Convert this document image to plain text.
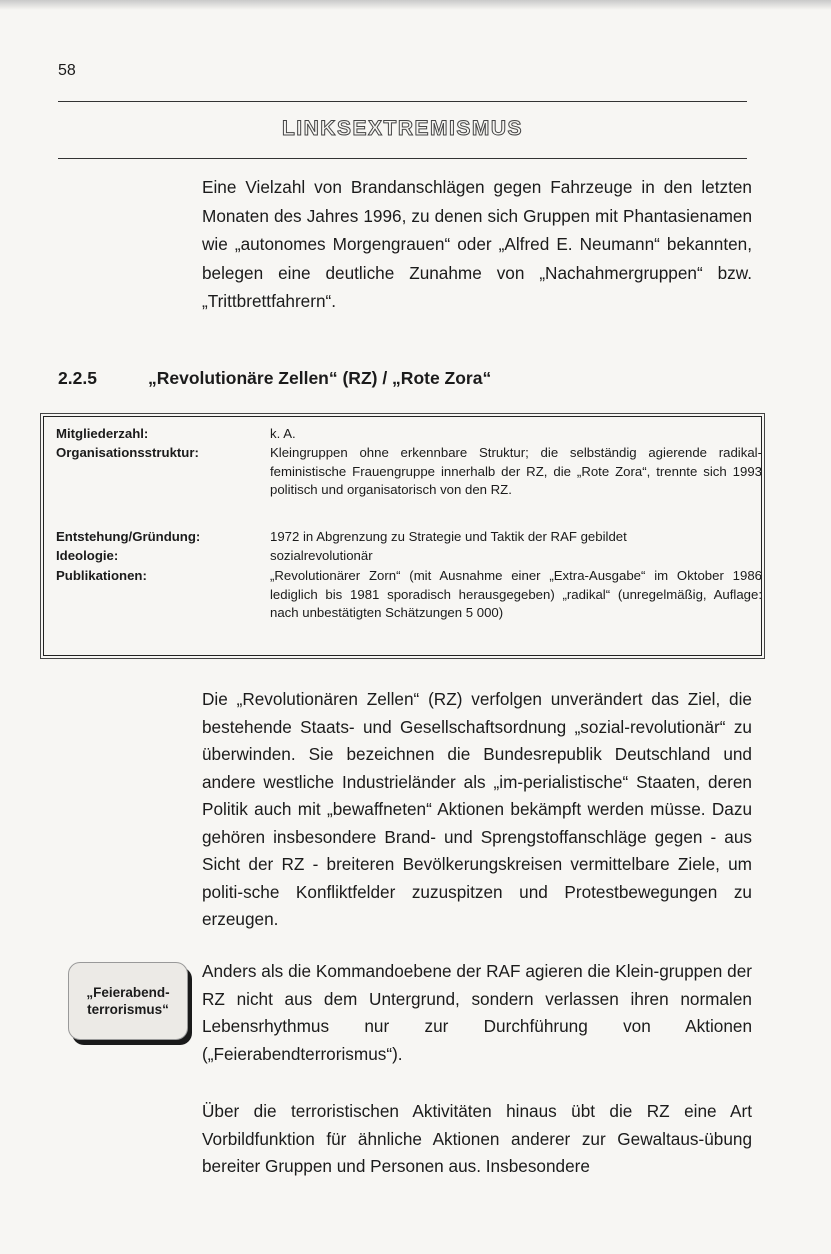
58
LINKSEXTREMISMUS
Eine Vielzahl von Brandanschlägen gegen Fahrzeuge in den letzten Monaten des Jahres 1996, zu denen sich Gruppen mit Phantasienamen wie „autonomes Morgengrauen“ oder „Alfred E. Neumann“ bekannten, belegen eine deutliche Zunahme von „Nachahmergruppen“ bzw. „Trittbrettfahrern“.
2.2.5	„Revolutionäre Zellen“ (RZ) / „Rote Zora“
Mitgliederzahl:	k. A.
Organisationsstruktur:	Kleingruppen ohne erkennbare Struktur; die selbständig agierende radikal-feministische Frauengruppe innerhalb der RZ, die „Rote Zora“, trennte sich 1993 politisch und organisatorisch von den RZ.
Entstehung/Gründung:	1972 in Abgrenzung zu Strategie und Taktik der RAF gebildet
Ideologie:	sozialrevolutionär
Publikationen:	„Revolutionärer Zorn“ (mit Ausnahme einer „Extra-Ausgabe“ im Oktober 1986 lediglich bis 1981 sporadisch herausgegeben) „radikal“ (unregelmäßig, Auflage: nach unbestätigten Schätzungen 5 000)
Die „Revolutionären Zellen“ (RZ) verfolgen unverändert das Ziel, die bestehende Staats- und Gesellschaftsordnung „sozial-revolutionär“ zu überwinden. Sie bezeichnen die Bundesrepublik Deutschland und andere westliche Industrieländer als „im-perialistische“ Staaten, deren Politik auch mit „bewaffneten“ Aktionen bekämpft werden müsse. Dazu gehören insbesondere Brand- und Sprengstoffanschläge gegen - aus Sicht der RZ - breiteren Bevölkerungskreisen vermittelbare Ziele, um politi-sche Konfliktfelder zuzuspitzen und Protestbewegungen zu erzeugen.
„Feierabend-terrorismus“
Anders als die Kommandoebene der RAF agieren die Klein-gruppen der RZ nicht aus dem Untergrund, sondern verlassen ihren normalen Lebensrhythmus nur zur Durchführung von Aktionen („Feierabendterrorismus“).
Über die terroristischen Aktivitäten hinaus übt die RZ eine Art Vorbildfunktion für ähnliche Aktionen anderer zur Gewaltaus-übung bereiter Gruppen und Personen aus. Insbesondere
